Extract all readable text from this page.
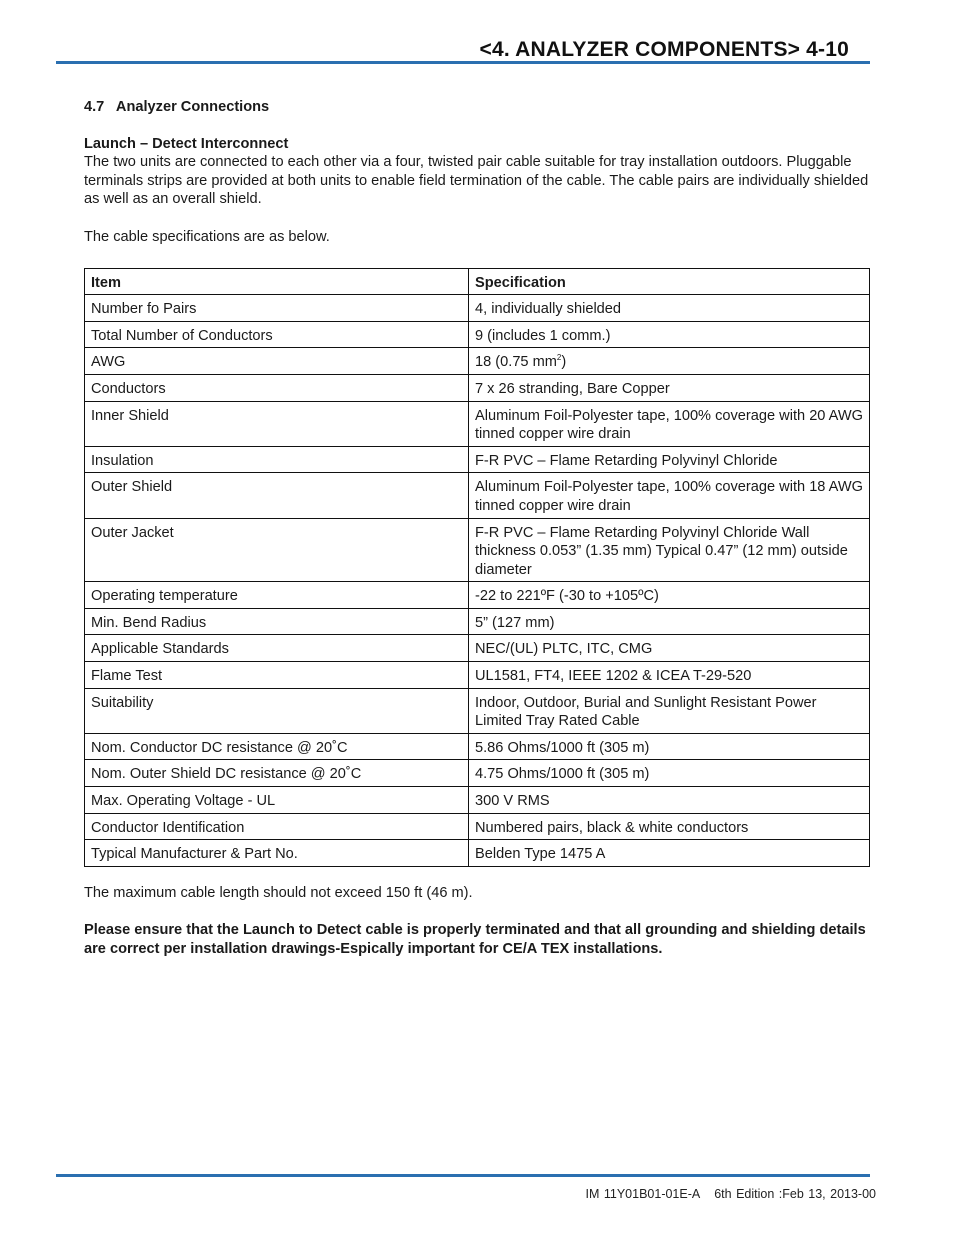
<4. ANALYZER COMPONENTS> 4-10

4.7   Analyzer Connections

Launch – Detect Interconnect

The two units are connected to each other via a four, twisted pair cable suitable for tray installation outdoors. Pluggable terminals strips are provided at both units to enable field termination of the cable. The cable pairs are individually shielded as well as an overall shield.

The cable specifications are as below.

Item	Specification
Number fo Pairs	4, individually shielded
Total Number of Conductors	9 (includes 1 comm.)
AWG	18 (0.75 $mm^2$)
Conductors	7 x 26 stranding, Bare Copper
Inner Shield	Aluminum Foil-Polyester tape, 100% coverage with 20 AWG tinned copper wire drain
Insulation	F-R PVC – Flame Retarding Polyvinyl Chloride
Outer Shield	Aluminum Foil-Polyester tape, 100% coverage with 18 AWG tinned copper wire drain
Outer Jacket	F-R PVC – Flame Retarding Polyvinyl Chloride Wall thickness 0.053” (1.35 mm) Typical 0.47” (12 mm) outside diameter
Operating temperature	-22 to 221ºF (-30 to +105ºC)
Min. Bend Radius	5” (127 mm)
Applicable Standards	NEC/(UL) PLTC, ITC, CMG
Flame Test	UL1581, FT4, IEEE 1202 & ICEA T-29-520
Suitability	Indoor, Outdoor, Burial and Sunlight Resistant Power Limited Tray Rated Cable
Nom. Conductor DC resistance @ 20˚C	5.86 Ohms/1000 ft (305 m)
Nom. Outer Shield DC resistance @ 20˚C	4.75 Ohms/1000 ft (305 m)
Max. Operating Voltage - UL	300 V RMS
Conductor Identification	Numbered pairs, black & white conductors
Typical Manufacturer & Part No.	Belden Type 1475 A

The maximum cable length should not exceed 150 ft (46 m).

Please ensure that the Launch to Detect cable is properly terminated and that all grounding and shielding details are correct per installation drawings-Espically important for CE/A TEX installations.

IM 11Y01B01-01E-A 6th Edition :Feb 13, 2013-00
